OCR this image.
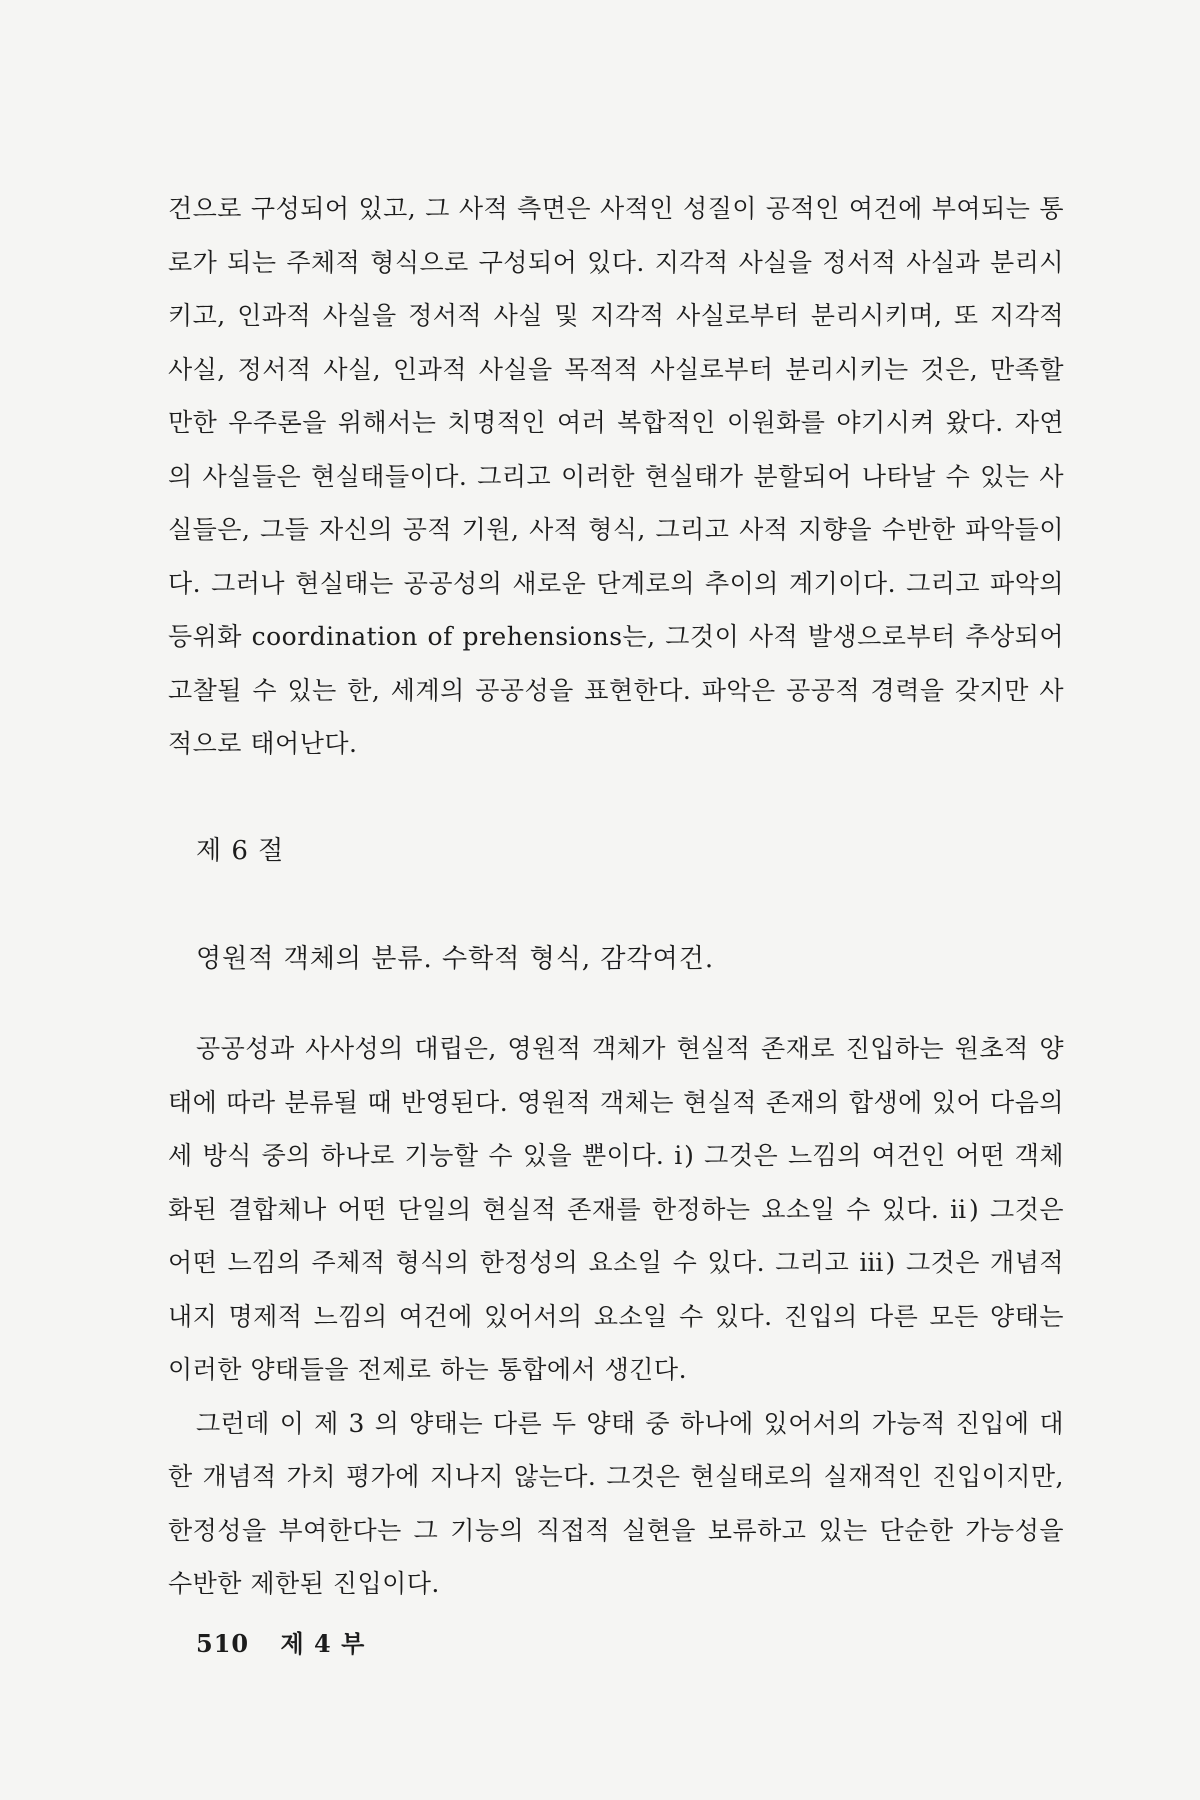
건으로 구성되어 있고, 그 사적 측면은 사적인 성질이 공적인 여건에 부여되는 통로가 되는 주체적 형식으로 구성되어 있다. 지각적 사실을 정서적 사실과 분리시키고, 인과적 사실을 정서적 사실 및 지각적 사실로부터 분리시키며, 또 지각적 사실, 정서적 사실, 인과적 사실을 목적적 사실로부터 분리시키는 것은, 만족할 만한 우주론을 위해서는 치명적인 여러 복합적인 이원화를 야기시켜 왔다. 자연의 사실들은 현실태들이다. 그리고 이러한 현실태가 분할되어 나타날 수 있는 사실들은, 그들 자신의 공적 기원, 사적 형식, 그리고 사적 지향을 수반한 파악들이다. 그러나 현실태는 공공성의 새로운 단계로의 추이의 계기이다. 그리고 파악의 등위화 coordination of prehensions는, 그것이 사적 발생으로부터 추상되어 고찰될 수 있는 한, 세계의 공공성을 표현한다. 파악은 공공적 경력을 갖지만 사적으로 태어난다.

제 6 절
영원적 객체의 분류. 수학적 형식, 감각여건.

공공성과 사사성의 대립은, 영원적 객체가 현실적 존재로 진입하는 원초적 양태에 따라 분류될 때 반영된다. 영원적 객체는 현실적 존재의 합생에 있어 다음의 세 방식 중의 하나로 기능할 수 있을 뿐이다. ⅰ) 그것은 느낌의 여건인 어떤 객체화된 결합체나 어떤 단일의 현실적 존재를 한정하는 요소일 수 있다. ⅱ) 그것은 어떤 느낌의 주체적 형식의 한정성의 요소일 수 있다. 그리고 ⅲ) 그것은 개념적 내지 명제적 느낌의 여건에 있어서의 요소일 수 있다. 진입의 다른 모든 양태는 이러한 양태들을 전제로 하는 통합에서 생긴다.

그런데 이 제 3 의 양태는 다른 두 양태 중 하나에 있어서의 가능적 진입에 대한 개념적 가치 평가에 지나지 않는다. 그것은 현실태로의 실재적인 진입이지만, 한정성을 부여한다는 그 기능의 직접적 실현을 보류하고 있는 단순한 가능성을 수반한 제한된 진입이다.

510 제 4 부
